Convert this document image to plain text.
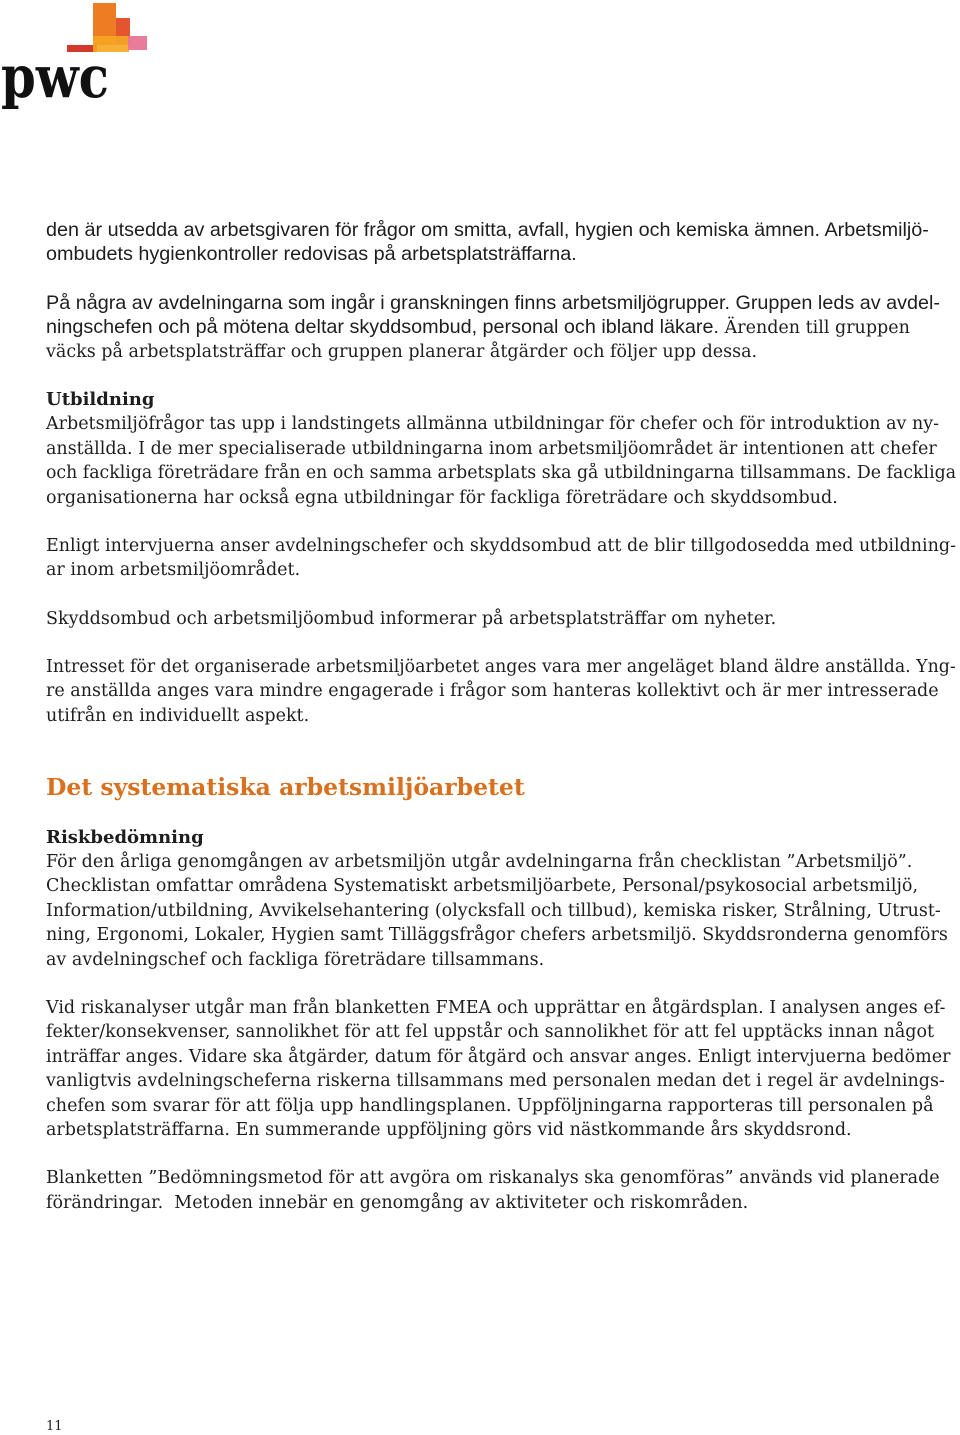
pwc
den är utsedda av arbetsgivaren för frågor om smitta, avfall, hygien och kemiska ämnen. Arbetsmiljö-
ombudets hygienkontroller redovisas på arbetsplatsträffarna.
På några av avdelningarna som ingår i granskningen finns arbetsmiljögrupper. Gruppen leds av avdel-
ningschefen och på mötena deltar skyddsombud, personal och ibland läkare. Ärenden till gruppen
väcks på arbetsplatsträffar och gruppen planerar åtgärder och följer upp dessa.
Utbildning
Arbetsmiljöfrågor tas upp i landstingets allmänna utbildningar för chefer och för introduktion av ny-
anställda. I de mer specialiserade utbildningarna inom arbetsmiljöområdet är intentionen att chefer
och fackliga företrädare från en och samma arbetsplats ska gå utbildningarna tillsammans. De fackliga
organisationerna har också egna utbildningar för fackliga företrädare och skyddsombud.
Enligt intervjuerna anser avdelningschefer och skyddsombud att de blir tillgodosedda med utbildning-
ar inom arbetsmiljöområdet.
Skyddsombud och arbetsmiljöombud informerar på arbetsplatsträffar om nyheter.
Intresset för det organiserade arbetsmiljöarbetet anges vara mer angeläget bland äldre anställda. Yng-
re anställda anges vara mindre engagerade i frågor som hanteras kollektivt och är mer intresserade
utifrån en individuellt aspekt.
Det systematiska arbetsmiljöarbetet
Riskbedömning
För den årliga genomgången av arbetsmiljön utgår avdelningarna från checklistan ”Arbetsmiljö”.
Checklistan omfattar områdena Systematiskt arbetsmiljöarbete, Personal/psykosocial arbetsmiljö,
Information/utbildning, Avvikelsehantering (olycksfall och tillbud), kemiska risker, Strålning, Utrust-
ning, Ergonomi, Lokaler, Hygien samt Tilläggsfrågor chefers arbetsmiljö. Skyddsronderna genomförs
av avdelningschef och fackliga företrädare tillsammans.
Vid riskanalyser utgår man från blanketten FMEA och upprättar en åtgärdsplan. I analysen anges ef-
fekter/konsekvenser, sannolikhet för att fel uppstår och sannolikhet för att fel upptäcks innan något
inträffar anges. Vidare ska åtgärder, datum för åtgärd och ansvar anges. Enligt intervjuerna bedömer
vanligtvis avdelningscheferna riskerna tillsammans med personalen medan det i regel är avdelnings-
chefen som svarar för att följa upp handlingsplanen. Uppföljningarna rapporteras till personalen på
arbetsplatsträffarna. En summerande uppföljning görs vid nästkommande års skyddsrond.
Blanketten ”Bedömningsmetod för att avgöra om riskanalys ska genomföras” används vid planerade
förändringar.  Metoden innebär en genomgång av aktiviteter och riskområden.
11
